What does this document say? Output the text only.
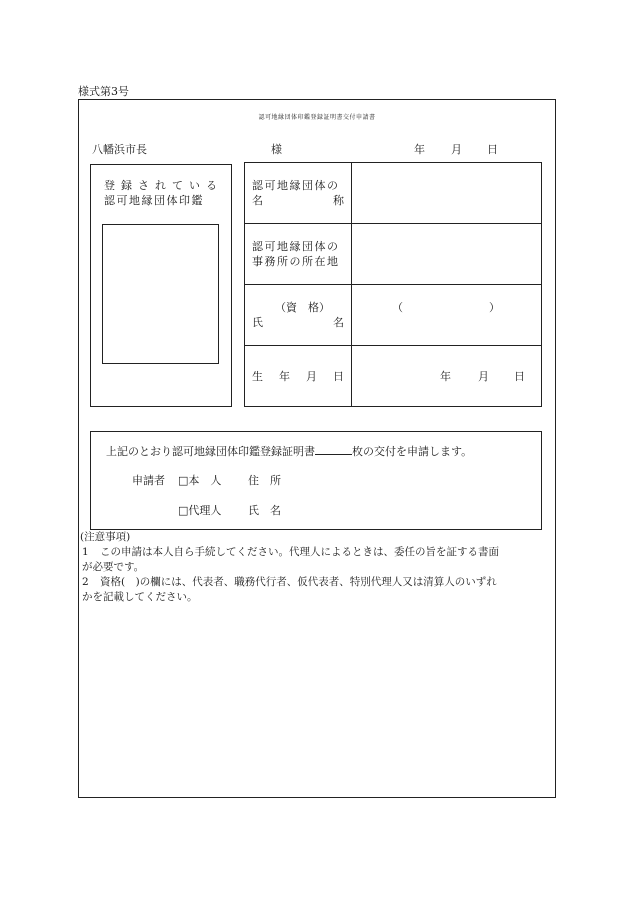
様式第3号
認可地縁団体印鑑登録証明書交付申請書
八幡浜市長	様	年 月 日
登録されている
認可地縁団体印鑑
認可地縁団体の
名	称
認可地縁団体の
事務所の所在地
（資　格）
氏	名
（	）
生 年 月 日	年 月 日
上記のとおり認可地縁団体印鑑登録証明書	枚の交付を申請します。
申請者 □本　人 住　所
□代理人 氏　名
(注意事項)
1 この申請は本人自ら手続してください。代理人によるときは、委任の旨を証する書面
が必要です。
2 資格(　)の欄には、代表者、職務代行者、仮代表者、特別代理人又は清算人のいずれ
かを記載してください。
